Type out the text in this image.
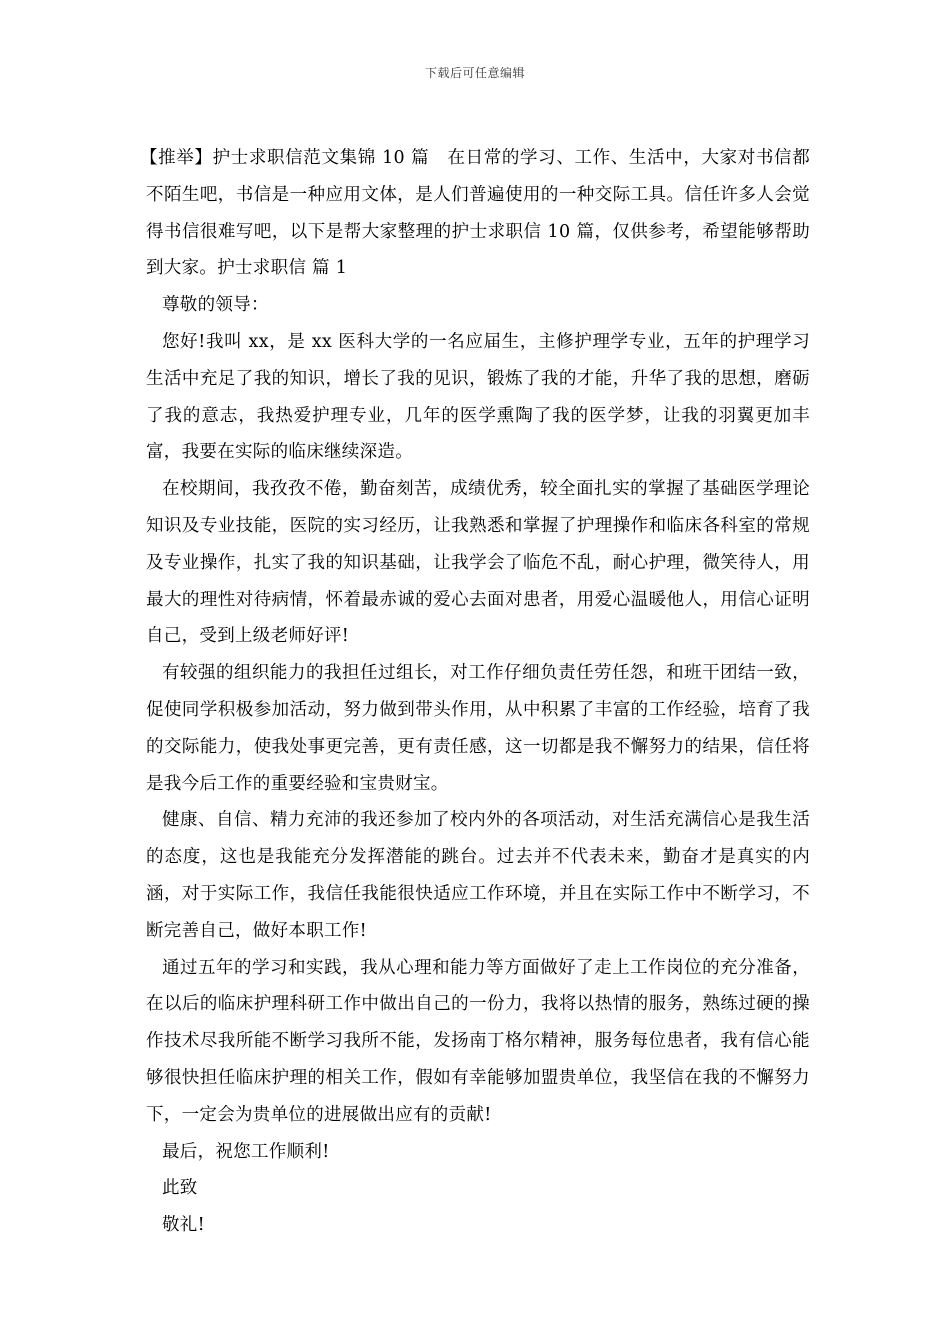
下载后可任意编辑

【推举】护士求职信范文集锦 10 篇　在日常的学习、工作、生活中，大家对书信都不陌生吧，书信是一种应用文体，是人们普遍使用的一种交际工具。信任许多人会觉得书信很难写吧，以下是帮大家整理的护士求职信 10 篇，仅供参考，希望能够帮助到大家。护士求职信 篇 1

尊敬的领导：

您好!我叫 xx，是 xx 医科大学的一名应届生，主修护理学专业，五年的护理学习生活中充足了我的知识，增长了我的见识，锻炼了我的才能，升华了我的思想，磨砺了我的意志，我热爱护理专业，几年的医学熏陶了我的医学梦，让我的羽翼更加丰富，我要在实际的临床继续深造。

在校期间，我孜孜不倦，勤奋刻苦，成绩优秀，较全面扎实的掌握了基础医学理论知识及专业技能，医院的实习经历，让我熟悉和掌握了护理操作和临床各科室的常规及专业操作，扎实了我的知识基础，让我学会了临危不乱，耐心护理，微笑待人，用最大的理性对待病情，怀着最赤诚的爱心去面对患者，用爱心温暖他人，用信心证明自己，受到上级老师好评!

有较强的组织能力的我担任过组长，对工作仔细负责任劳任怨，和班干团结一致，促使同学积极参加活动，努力做到带头作用，从中积累了丰富的工作经验，培育了我的交际能力，使我处事更完善，更有责任感，这一切都是我不懈努力的结果，信任将是我今后工作的重要经验和宝贵财宝。

健康、自信、精力充沛的我还参加了校内外的各项活动，对生活充满信心是我生活的态度，这也是我能充分发挥潜能的跳台。过去并不代表未来，勤奋才是真实的内涵，对于实际工作，我信任我能很快适应工作环境，并且在实际工作中不断学习，不断完善自己，做好本职工作!

通过五年的学习和实践，我从心理和能力等方面做好了走上工作岗位的充分准备，在以后的临床护理科研工作中做出自己的一份力，我将以热情的服务，熟练过硬的操作技术尽我所能不断学习我所不能，发扬南丁格尔精神，服务每位患者，我有信心能够很快担任临床护理的相关工作，假如有幸能够加盟贵单位，我坚信在我的不懈努力下，一定会为贵单位的进展做出应有的贡献!

最后，祝您工作顺利!

此致

敬礼!
